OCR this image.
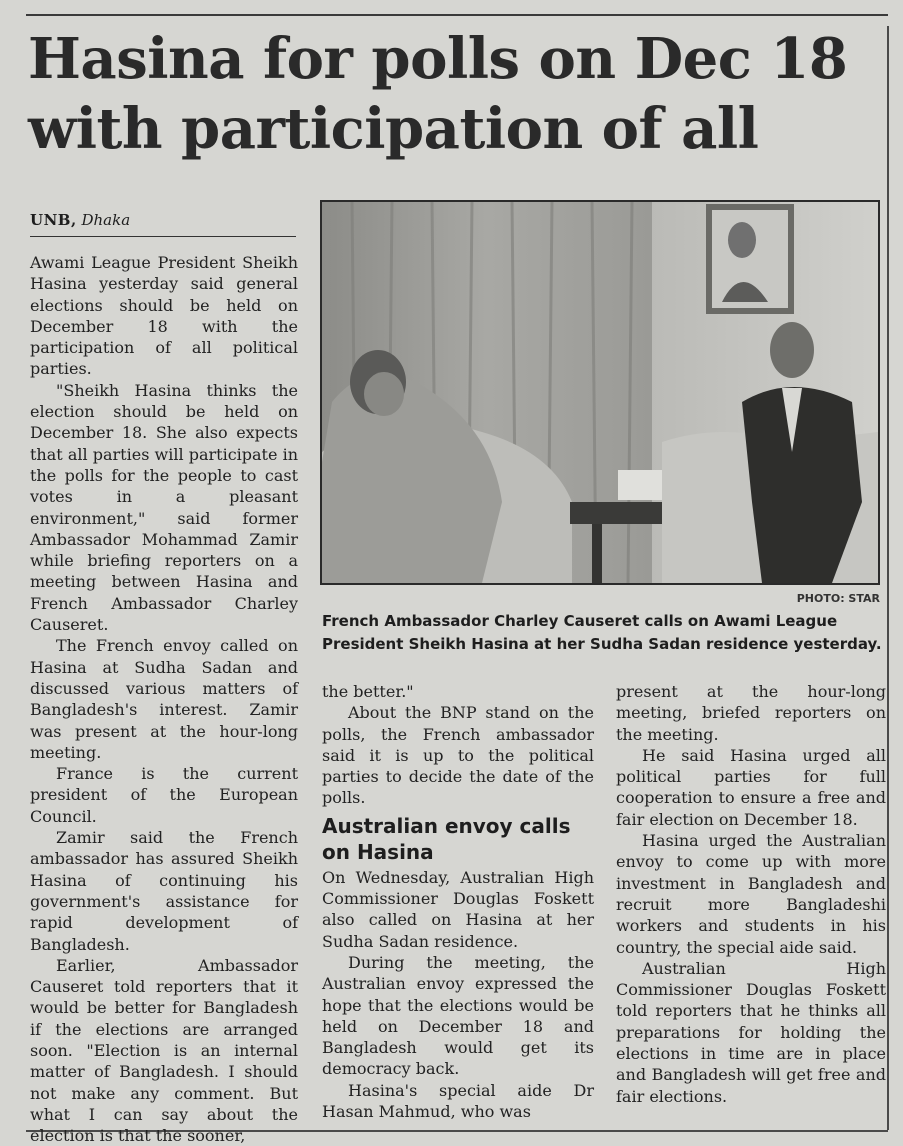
Hasina for polls on Dec 18 with participation of all
UNB, Dhaka

Awami League President Sheikh Hasina yesterday said general elections should be held on December 18 with the participation of all political parties.

"Sheikh Hasina thinks the election should be held on December 18. She also expects that all parties will participate in the polls for the people to cast votes in a pleasant environment," said former Ambassador Mohammad Zamir while briefing reporters on a meeting between Hasina and French Ambassador Charley Causeret.

The French envoy called on Hasina at Sudha Sadan and discussed various matters of Bangladesh's interest. Zamir was present at the hour-long meeting.

France is the current president of the European Council.

Zamir said the French ambassador has assured Sheikh Hasina of continuing his government's assistance for rapid development of Bangladesh.

Earlier, Ambassador Causeret told reporters that it would be better for Bangladesh if the elections are arranged soon. "Election is an internal matter of Bangladesh. I should not make any comment. But what I can say about the election is that the sooner,

PHOTO: STAR
French Ambassador Charley Causeret calls on Awami League President Sheikh Hasina at her Sudha Sadan residence yesterday.

the better."

About the BNP stand on the polls, the French ambassador said it is up to the political parties to decide the date of the polls.

Australian envoy calls on Hasina

On Wednesday, Australian High Commissioner Douglas Foskett also called on Hasina at her Sudha Sadan residence.

During the meeting, the Australian envoy expressed the hope that the elections would be held on December 18 and Bangladesh would get its democracy back.

Hasina's special aide Dr Hasan Mahmud, who was

present at the hour-long meeting, briefed reporters on the meeting.

He said Hasina urged all political parties for full cooperation to ensure a free and fair election on December 18.

Hasina urged the Australian envoy to come up with more investment in Bangladesh and recruit more Bangladeshi workers and students in his country, the special aide said.

Australian High Commissioner Douglas Foskett told reporters that he thinks all preparations for holding the elections in time are in place and Bangladesh will get free and fair elections.
